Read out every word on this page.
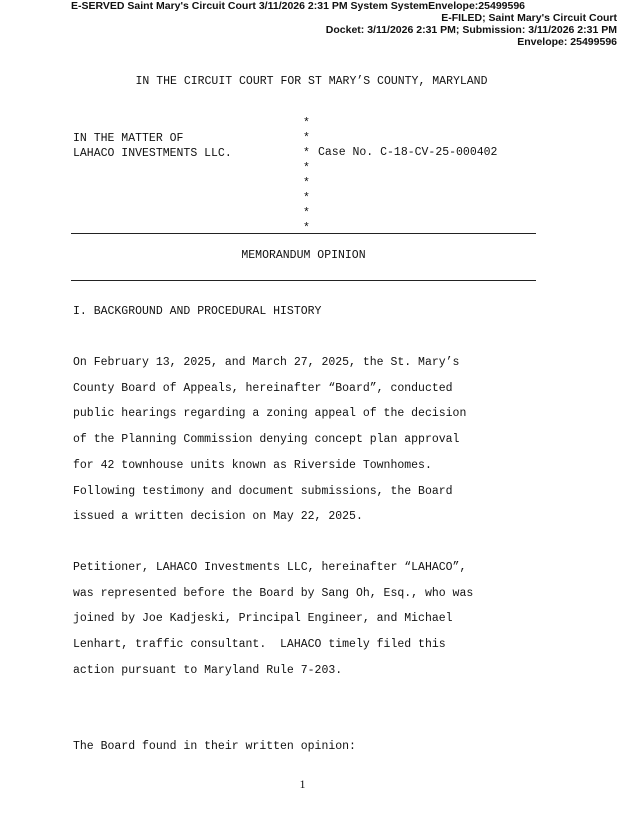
E-SERVED Saint Mary's Circuit Court 3/11/2026 2:31 PM System SystemEnvelope:25499596
E-FILED; Saint Mary's Circuit Court
Docket: 3/11/2026 2:31 PM; Submission: 3/11/2026 2:31 PM
Envelope: 25499596
IN THE CIRCUIT COURT FOR ST MARY’S COUNTY, MARYLAND
IN THE MATTER OF
LAHACO INVESTMENTS LLC.
*
*
*
*
*
*
*
*
Case No. C-18-CV-25-000402
MEMORANDUM OPINION
I. BACKGROUND AND PROCEDURAL HISTORY
On February 13, 2025, and March 27, 2025, the St. Mary’s
County Board of Appeals, hereinafter “Board”, conducted
public hearings regarding a zoning appeal of the decision
of the Planning Commission denying concept plan approval
for 42 townhouse units known as Riverside Townhomes.
Following testimony and document submissions, the Board
issued a written decision on May 22, 2025.
Petitioner, LAHACO Investments LLC, hereinafter “LAHACO”,
was represented before the Board by Sang Oh, Esq., who was
joined by Joe Kadjeski, Principal Engineer, and Michael
Lenhart, traffic consultant.  LAHACO timely filed this
action pursuant to Maryland Rule 7-203.
The Board found in their written opinion:
1
